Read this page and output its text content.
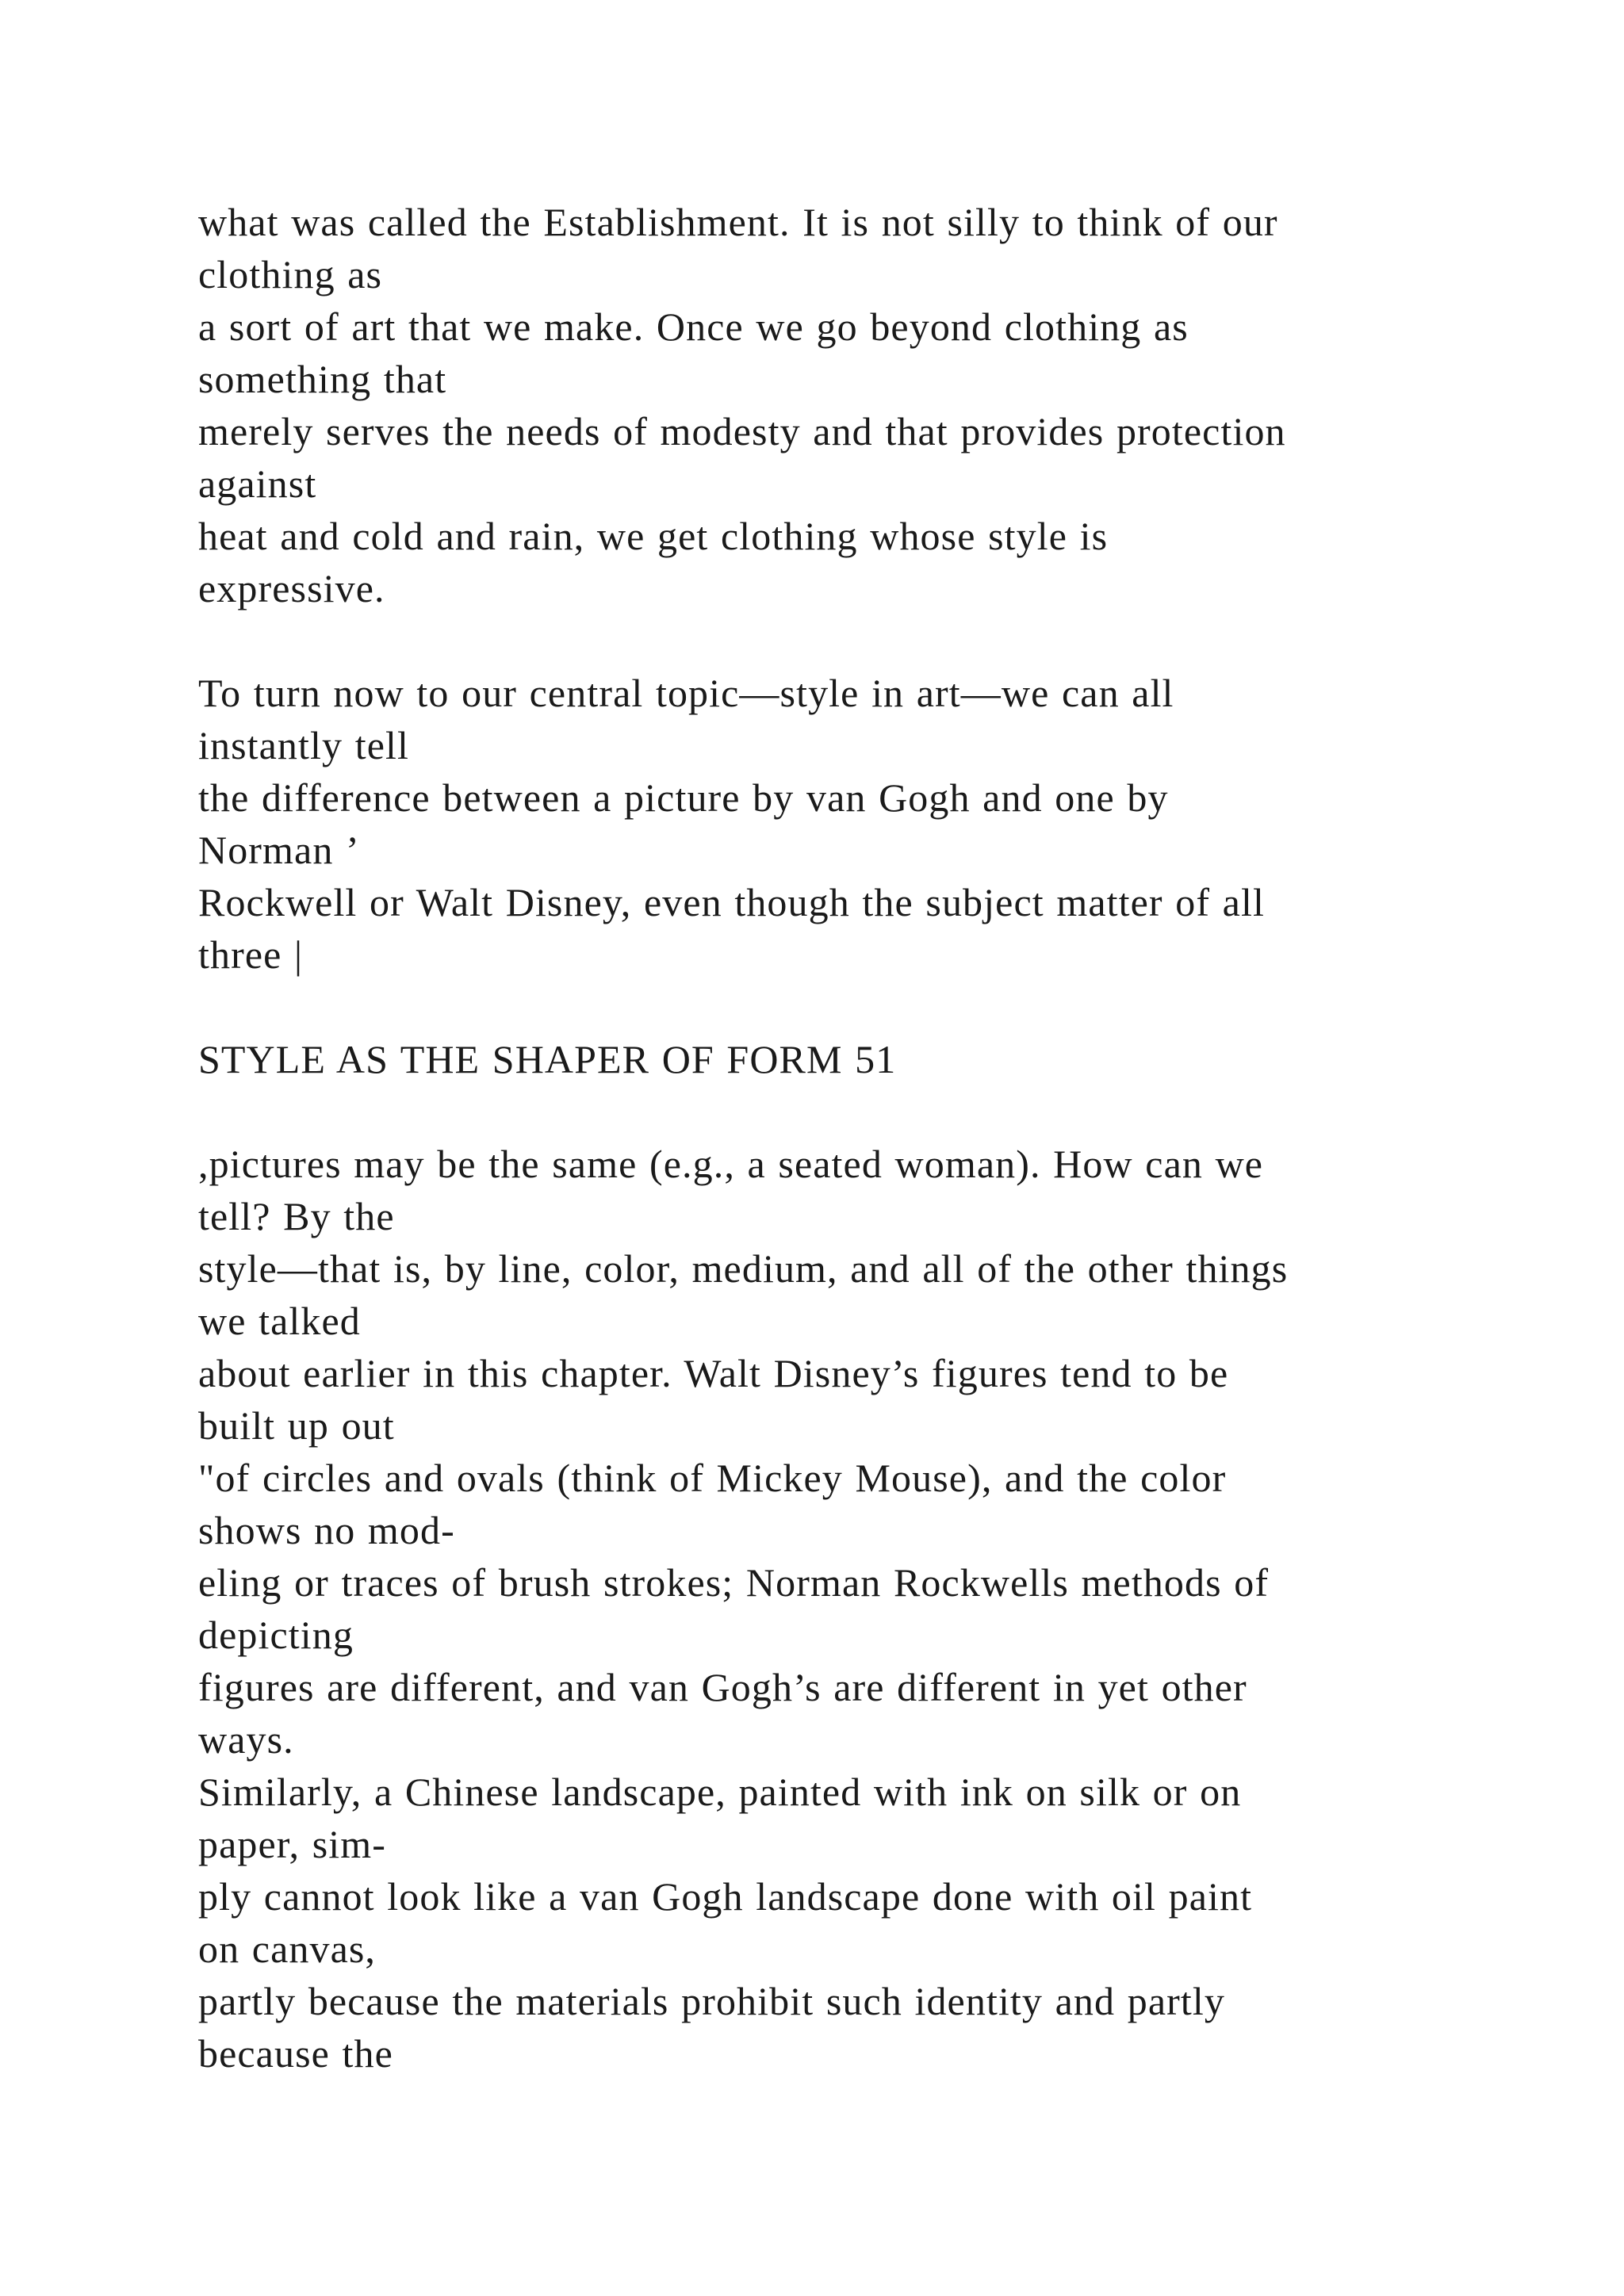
what was called the Establishment. It is not silly to think of our
clothing as
a sort of art that we make. Once we go beyond clothing as
something that
merely serves the needs of modesty and that provides protection
against
heat and cold and rain, we get clothing whose style is
expressive.
To turn now to our central topic—style in art—we can all
instantly tell
the difference between a picture by van Gogh and one by
Norman ’
Rockwell or Walt Disney, even though the subject matter of all
three |
STYLE AS THE SHAPER OF FORM 51
,pictures may be the same (e.g., a seated woman). How can we
tell? By the
style—that is, by line, color, medium, and all of the other things
we talked
about earlier in this chapter. Walt Disney’s figures tend to be
built up out
"of circles and ovals (think of Mickey Mouse), and the color
shows no mod-
eling or traces of brush strokes; Norman Rockwells methods of
depicting
figures are different, and van Gogh’s are different in yet other
ways.
Similarly, a Chinese landscape, painted with ink on silk or on
paper, sim-
ply cannot look like a van Gogh landscape done with oil paint
on canvas,
partly because the materials prohibit such identity and partly
because the
